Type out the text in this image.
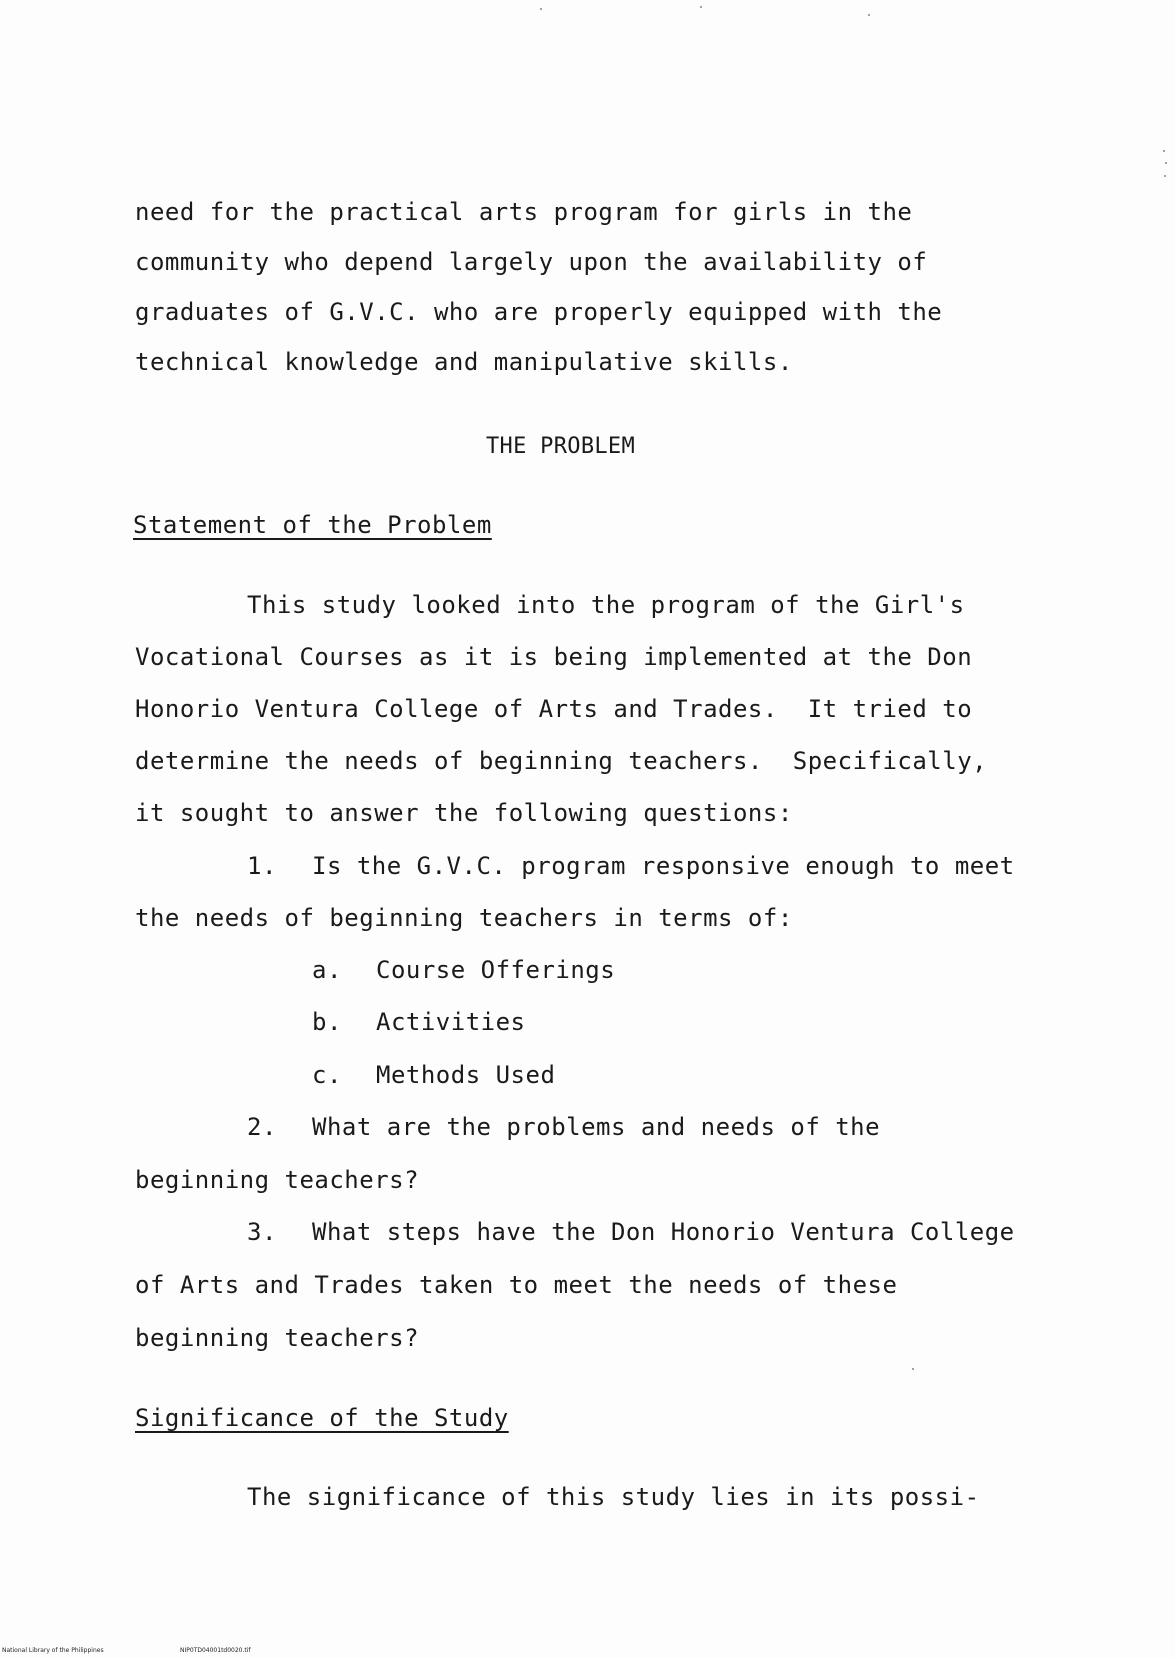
need for the practical arts program for girls in the
community who depend largely upon the availability of
graduates of G.V.C. who are properly equipped with the
technical knowledge and manipulative skills.
THE PROBLEM
Statement of the Problem
This study looked into the program of the Girl's
Vocational Courses as it is being implemented at the Don
Honorio Ventura College of Arts and Trades.  It tried to
determine the needs of beginning teachers.  Specifically,
it sought to answer the following questions:
1. Is the G.V.C. program responsive enough to meet
the needs of beginning teachers in terms of:
a. Course Offerings
b. Activities
c. Methods Used
2. What are the problems and needs of the
beginning teachers?
3. What steps have the Don Honorio Ventura College
of Arts and Trades taken to meet the needs of these
beginning teachers?
Significance of the Study
The significance of this study lies in its possi-
National Library of the Philippines	NIP0TD04001td0020.tif
